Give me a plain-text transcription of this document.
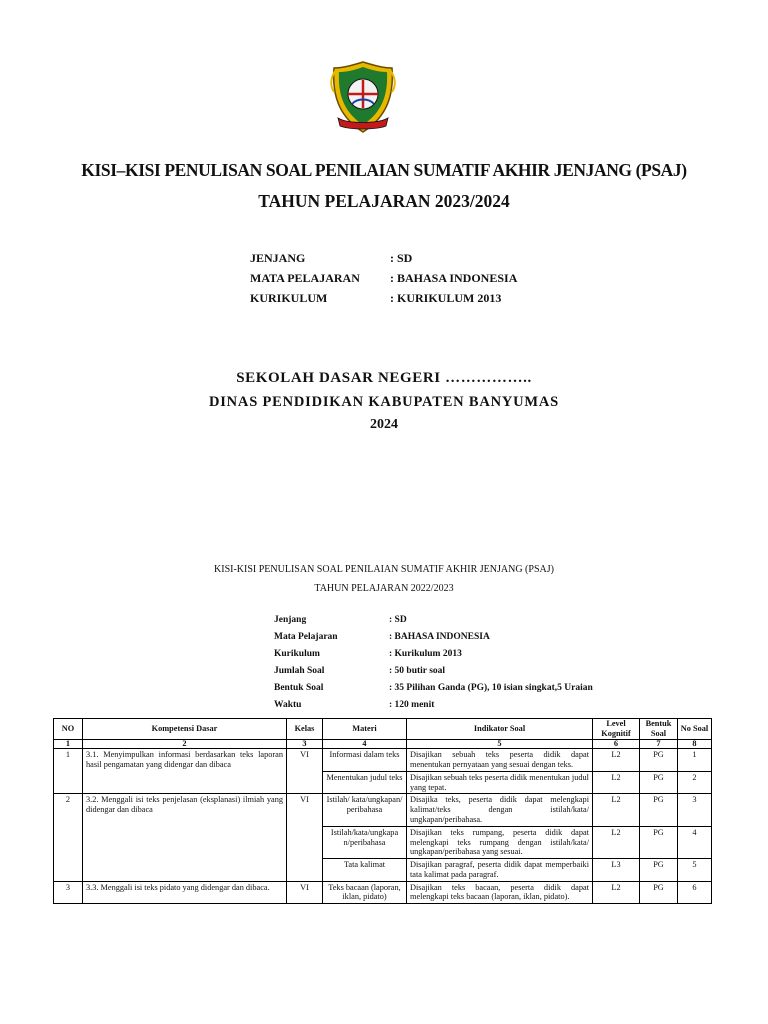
KISI–KISI PENULISAN SOAL PENILAIAN SUMATIF AKHIR JENJANG (PSAJ)
TAHUN PELAJARAN 2023/2024
JENJANG	: SD
MATA PELAJARAN	: BAHASA INDONESIA
KURIKULUM	: KURIKULUM 2013
SEKOLAH DASAR NEGERI ……………..
DINAS PENDIDIKAN KABUPATEN BANYUMAS
2024
KISI-KISI PENULISAN SOAL PENILAIAN SUMATIF AKHIR JENJANG (PSAJ)
TAHUN PELAJARAN 2022/2023
Jenjang	: SD
Mata Pelajaran	: BAHASA INDONESIA
Kurikulum	: Kurikulum 2013
Jumlah Soal	: 50 butir soal
Bentuk Soal	: 35 Pilihan Ganda (PG), 10 isian singkat,5 Uraian
Waktu	: 120 menit
NO	Kompetensi Dasar	Kelas	Materi	Indikator Soal	Level Kognitif	Bentuk Soal	No Soal
1	2	3	4	5	6	7	8
1	3.1. Menyimpulkan informasi berdasarkan teks laporan hasil pengamatan yang didengar dan dibaca	VI	Informasi dalam teks	Disajikan sebuah teks peserta didik dapat menentukan pernyataan yang sesuai dengan teks.	L2	PG	1
			Menentukan judul teks	Disajikan sebuah teks peserta didik menentukan judul yang tepat.	L2	PG	2
2	3.2. Menggali isi teks penjelasan (eksplanasi) ilmiah yang didengar dan dibaca	VI	Istilah/ kata/ungkapan/ peribahasa	Disajika teks, peserta didik dapat melengkapi kalimat/teks dengan istilah/kata/ ungkapan/peribahasa.	L2	PG	3
			Istilah/kata/ungkapa n/peribahasa	Disajikan teks rumpang, peserta didik dapat melengkapi teks rumpang dengan istilah/kata/ ungkapan/peribahasa yang sesuai.	L2	PG	4
			Tata kalimat	Disajikan paragraf, peserta didik dapat memperbaiki tata kalimat pada paragraf.	L3	PG	5
3	3.3. Menggali isi teks pidato yang didengar dan dibaca.	VI	Teks bacaan (laporan, iklan, pidato)	Disajikan teks bacaan, peserta didik dapat melengkapi teks bacaan (laporan, iklan, pidato).	L2	PG	6
